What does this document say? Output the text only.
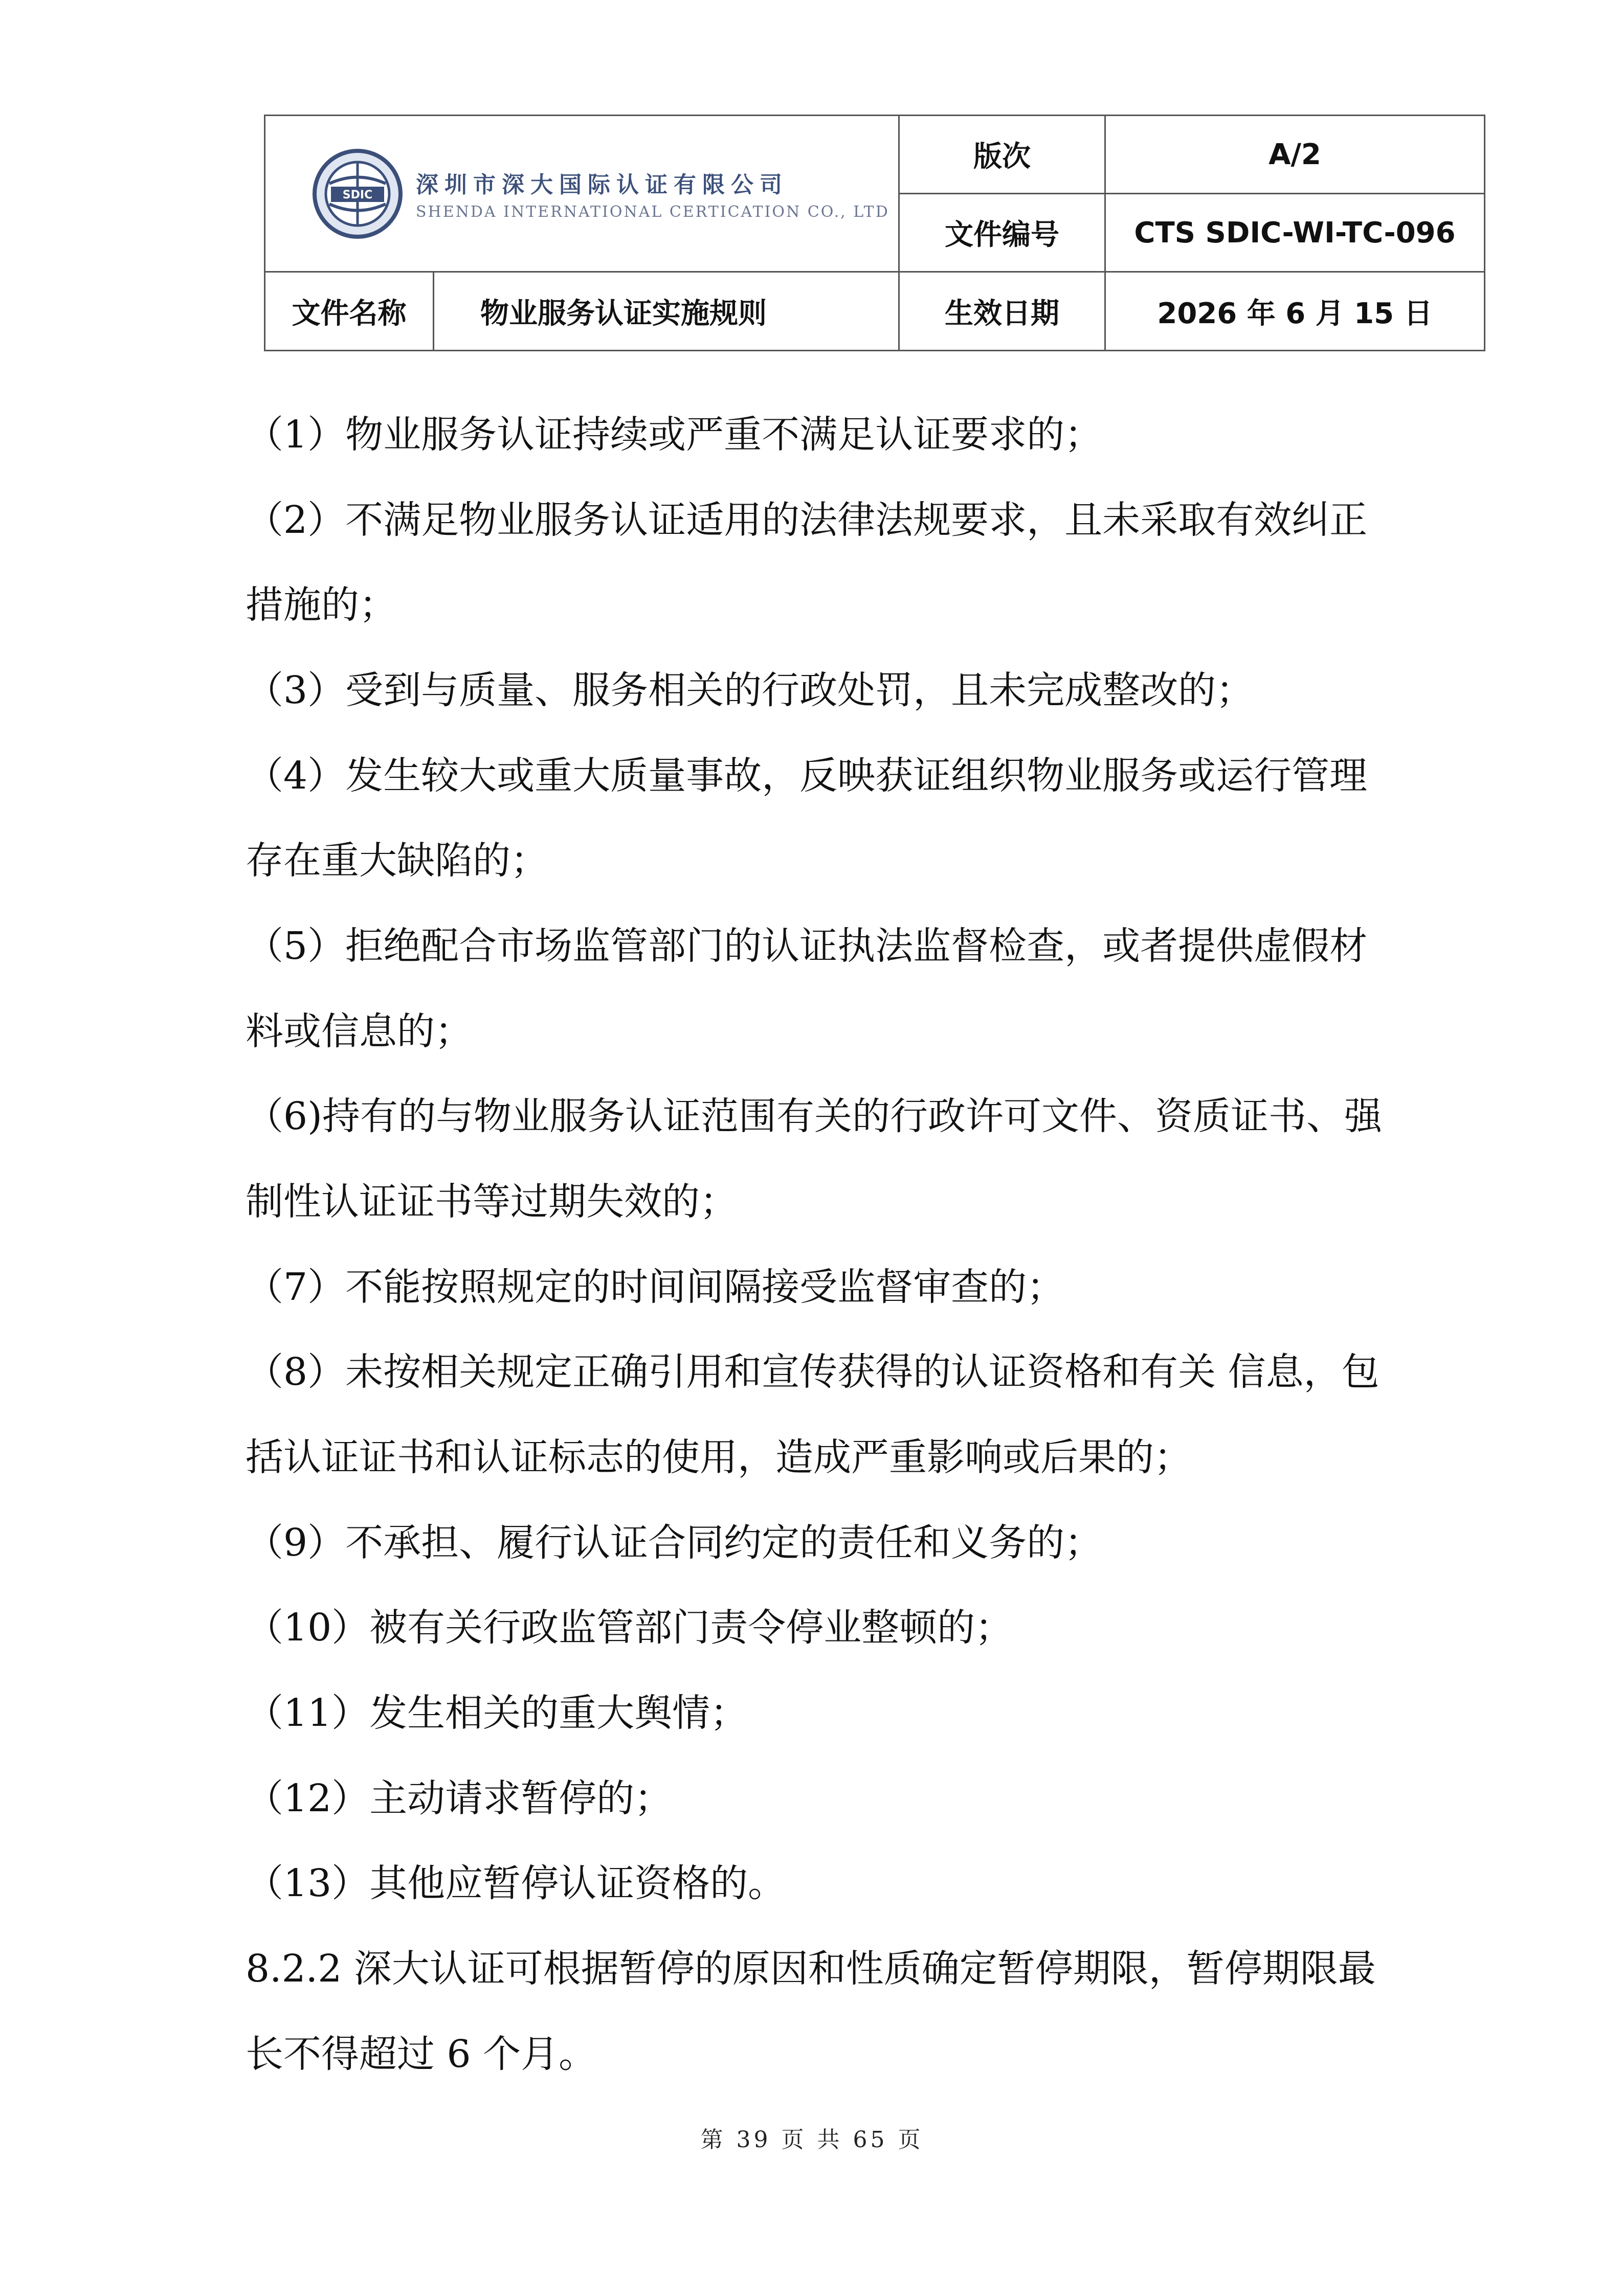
SDIC 深圳市深大国际认证有限公司
SHENDA INTERNATIONAL CERTICATION CO., LTD		版次	A/2
		文件编号	CTS SDIC-WI-TC-096
文件名称	物业服务认证实施规则	生效日期	2026 年 6 月 15 日
（1）物业服务认证持续或严重不满足认证要求的；
（2）不满足物业服务认证适用的法律法规要求，且未采取有效纠正
措施的；
（3）受到与质量、服务相关的行政处罚，且未完成整改的；
（4）发生较大或重大质量事故，反映获证组织物业服务或运行管理
存在重大缺陷的；
（5）拒绝配合市场监管部门的认证执法监督检查，或者提供虚假材
料或信息的；
（6)持有的与物业服务认证范围有关的行政许可文件、资质证书、强
制性认证证书等过期失效的；
（7）不能按照规定的时间间隔接受监督审查的；
（8）未按相关规定正确引用和宣传获得的认证资格和有关 信息，包
括认证证书和认证标志的使用，造成严重影响或后果的；
（9）不承担、履行认证合同约定的责任和义务的；
（10）被有关行政监管部门责令停业整顿的；
（11）发生相关的重大舆情；
（12）主动请求暂停的；
（13）其他应暂停认证资格的。
8.2.2 深大认证可根据暂停的原因和性质确定暂停期限，暂停期限最
长不得超过 6 个月。
第 39 页 共 65 页
